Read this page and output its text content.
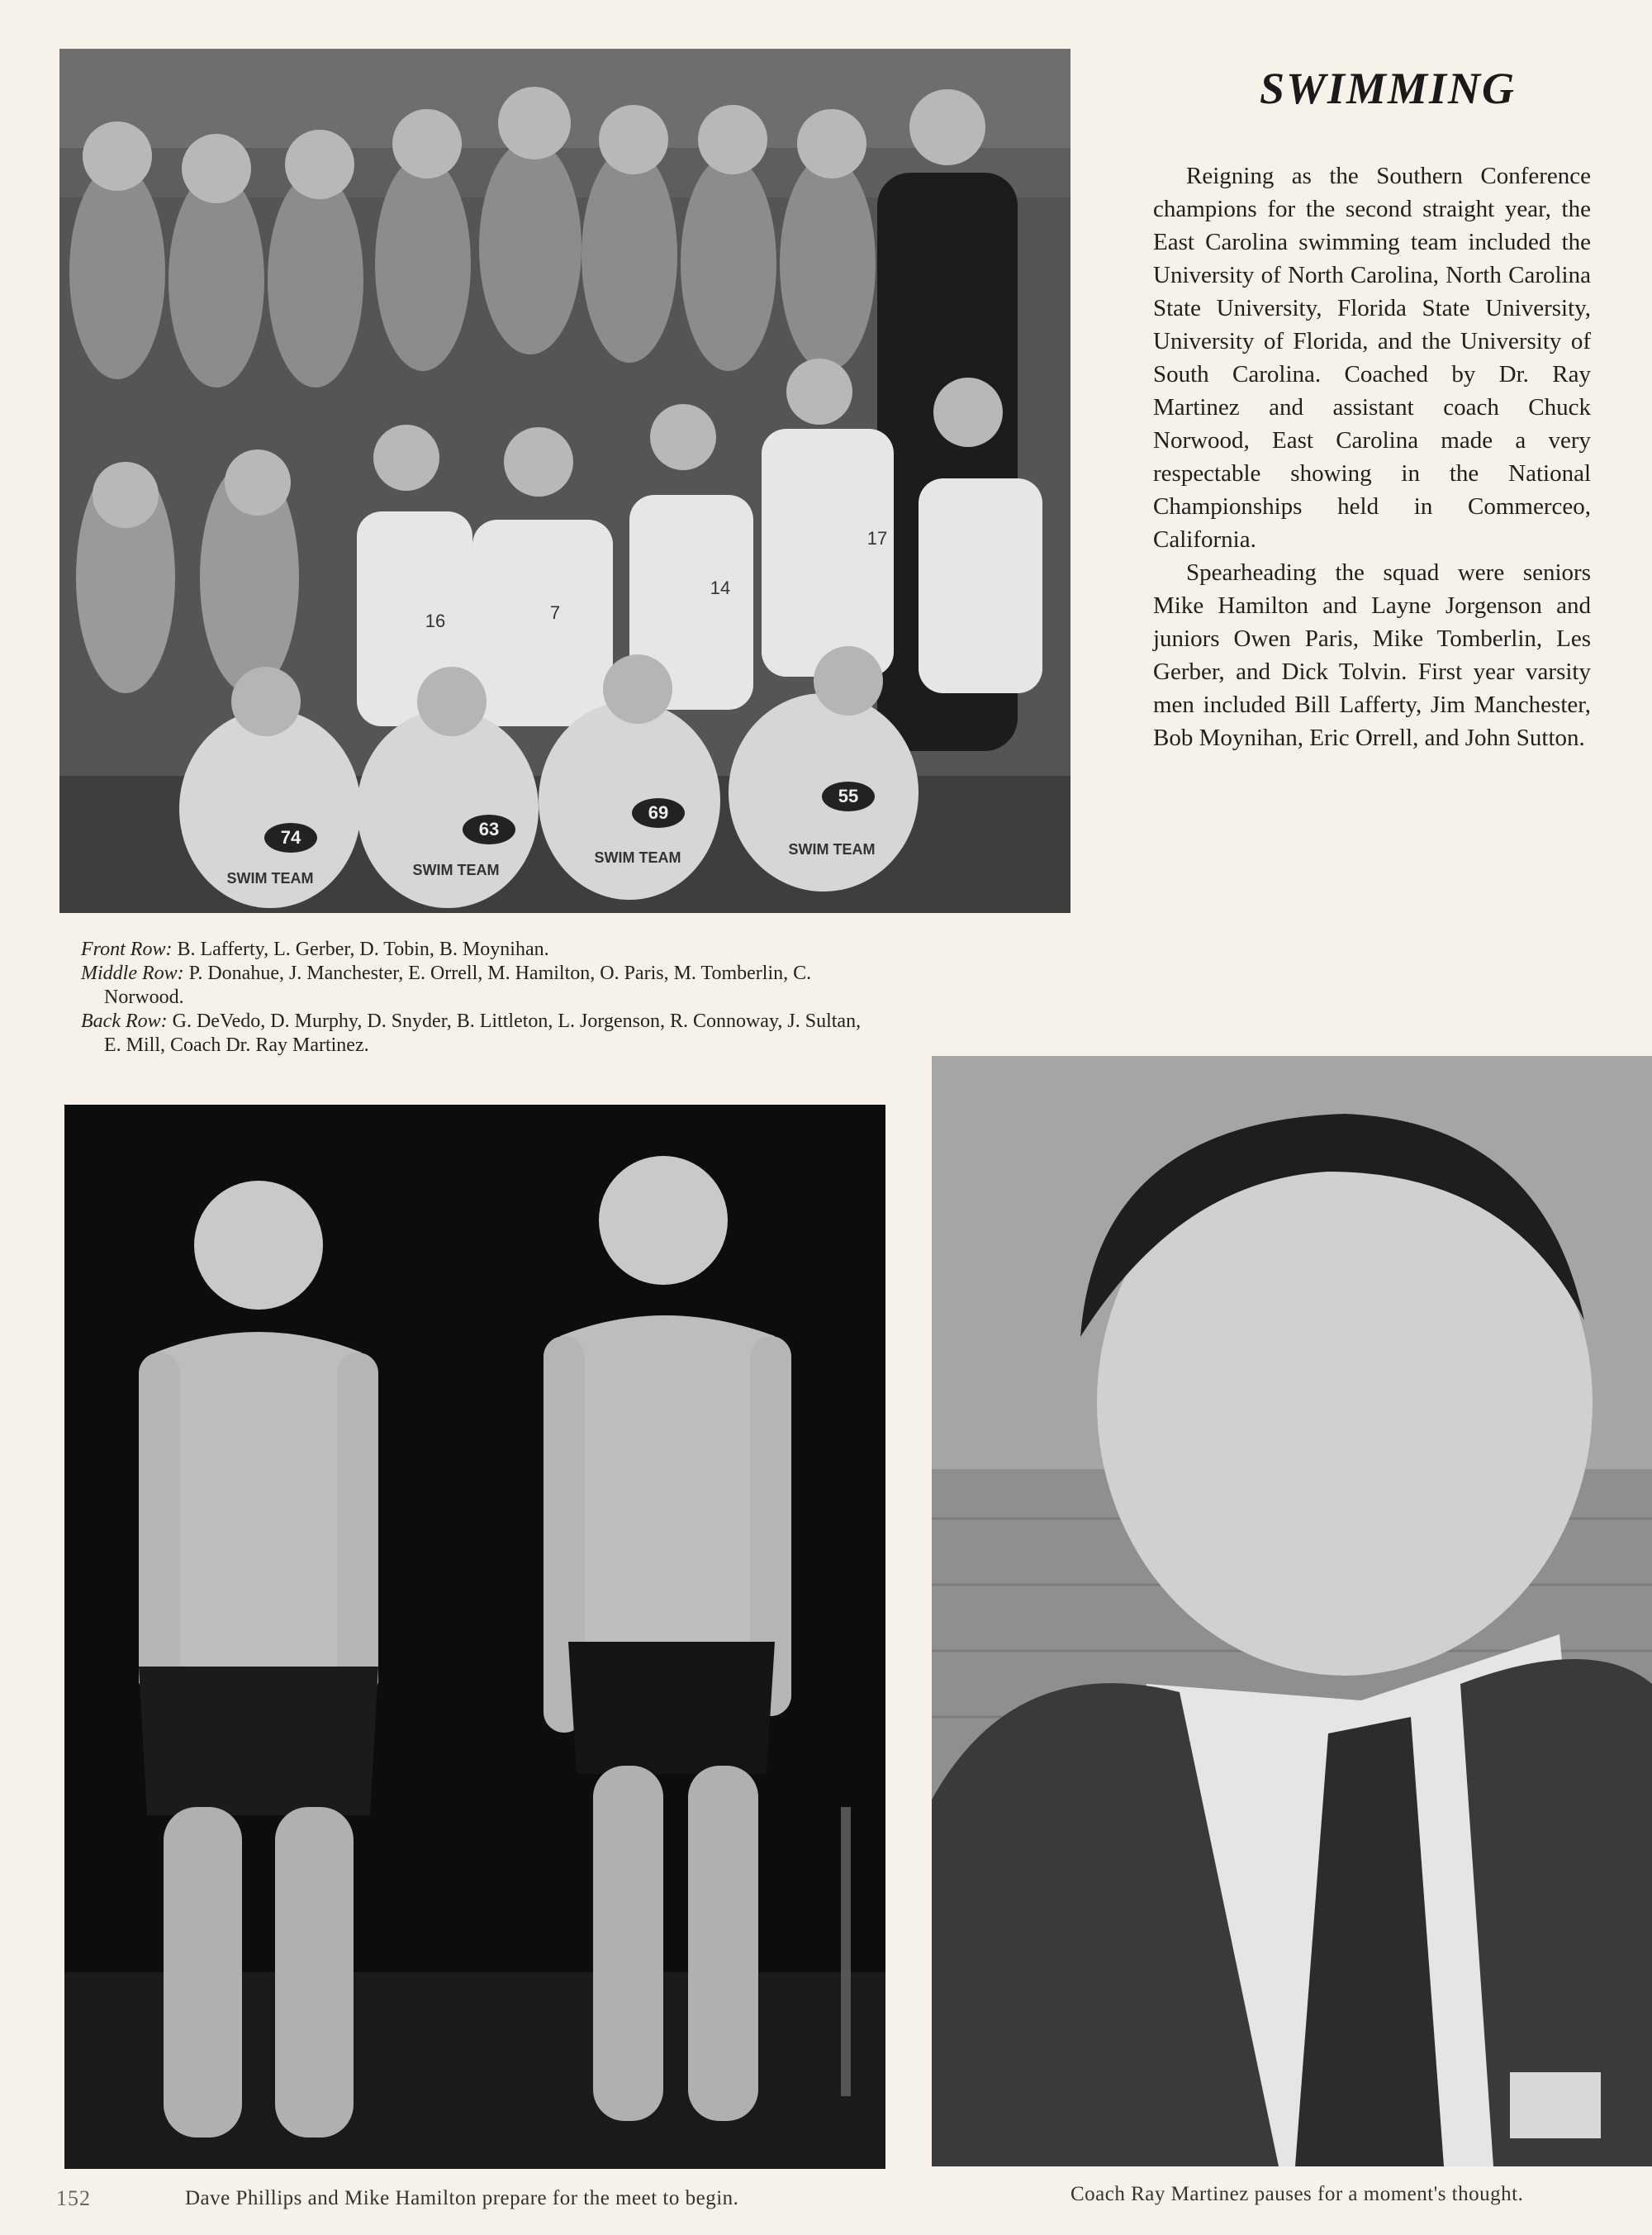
74
SWIM TEAM
63
SWIM TEAM
69
SWIM TEAM
55
SWIM TEAM
16	7
14
17
SWIMMING

Reigning as the Southern Conference champions for the second straight year, the East Carolina swimming team included the University of North Carolina, North Carolina State University, Florida State University, University of Florida, and the University of South Carolina. Coached by Dr. Ray Martinez and assistant coach Chuck Norwood, East Carolina made a very respectable showing in the National Championships held in Commerceo, California.

Spearheading the squad were seniors Mike Hamilton and Layne Jorgenson and juniors Owen Paris, Mike Tomberlin, Les Gerber, and Dick Tolvin. First year varsity men included Bill Lafferty, Jim Manchester, Bob Moynihan, Eric Orrell, and John Sutton.

Front Row: B. Lafferty, L. Gerber, D. Tobin, B. Moynihan.
Middle Row: P. Donahue, J. Manchester, E. Orrell, M. Hamilton, O. Paris, M. Tomberlin, C.
Norwood.
Back Row: G. DeVedo, D. Murphy, D. Snyder, B. Littleton, L. Jorgenson, R. Connoway, J. Sultan,
E. Mill, Coach Dr. Ray Martinez.
152	Dave Phillips and Mike Hamilton prepare for the meet to begin.	Coach Ray Martinez pauses for a moment's thought.
